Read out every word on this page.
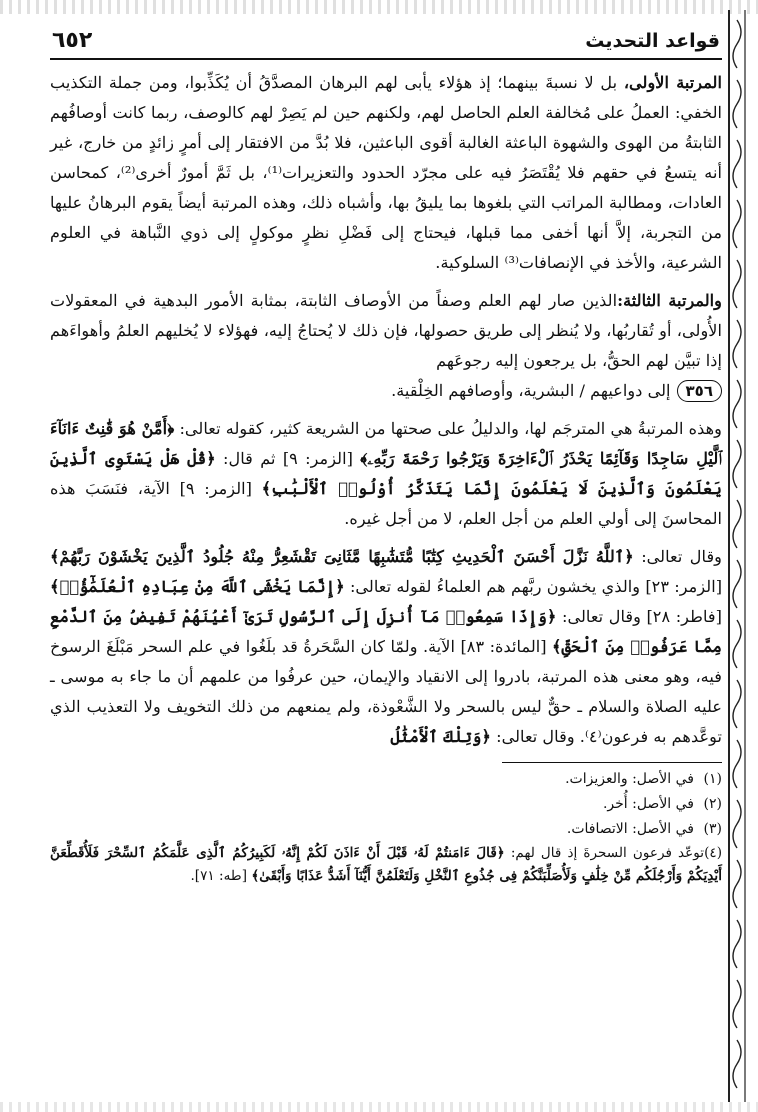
قواعد التحديث
٦٥٢

المرتبة الأولى، بل لا نسبةَ بينهما؛ إذ هؤلاء يأبى لهم البرهان المصدَّقُ أن يُكَذِّبوا، ومن جملة التكذيب الخفي: العملُ على مُخالفة العلم الحاصل لهم، ولكنهم حين لم يَصِرْ لهم كالوصف، ربما كانت أوصافُهم الثابتةُ من الهوى والشهوة الباعثة الغالبة أقوى الباعثين، فلا بُدَّ من الافتقار إلى أمرٍ زائدٍ من خارج، غير أنه يتسعُ في حقهم فلا يُقْتَصَرُ فيه على مجرّد الحدود والتعزيرات⁽¹⁾، بل ثَمَّ أمورٌ أخرى⁽²⁾، كمحاسن العادات، ومطالبة المراتب التي بلغوها بما يليقُ بها، وأشباه ذلك، وهذه المرتبة أيضاً يقوم البرهانُ عليها من التجربة، إلاَّ أنها أخفى مما قبلها، فيحتاج إلى فَضْلِ نظرٍ موكولٍ إلى ذوي النَّباهة في العلوم الشرعية، والأخذ في الإنصافات⁽³⁾ السلوكية.

والمرتبة الثالثة:الذين صار لهم العلم وصفاً من الأوصاف الثابتة، بمثابة الأمور البدهية في المعقولات الأُولى، أو تُقاربُها، ولا يُنظر إلى طريق حصولها، فإن ذلك لا يُحتاجُ إليه، فهؤلاء لا يُخليهم العلمُ وأهواءَهم إذا تبيَّن لهم الحقُّ، بل يرجعون إليه رجوعَهم
٣٥٦إلى دواعيهم / البشرية، وأوصافهم الخِلْقية.

وهذه المرتبةُ هي المترجَم لها، والدليلُ على صحتها من الشريعة كثير، كقوله تعالى: ﴿أَمَّنْ هُوَ قَٰنِتٌ ءَانَآءَ ٱلَّيْلِ سَاجِدًا وَقَآئِمًا يَحْذَرُ ٱلْءَاخِرَةَ وَيَرْجُوا رَحْمَةَ رَبِّهِۦ﴾ [الزمر: ٩] ثم قال: ﴿قُلْ هَلْ يَسْتَوِى ٱلَّذِينَ يَعْلَمُونَ وَٱلَّذِينَ لَا يَعْلَمُونَ إِنَّمَا يَتَذَكَّرُ أُوْلُوا۟ ٱلْأَلْبَٰبِ﴾ [الزمر: ٩] الآية، فنَسَبَ هذه المحاسنَ إلى أولي العلم من أجل العلم، لا من أجل غيره.

وقال تعالى: ﴿ٱللَّهُ نَزَّلَ أَحْسَنَ ٱلْحَدِيثِ كِتَٰبًا مُّتَشَٰبِهًا مَّثَانِىَ تَقْشَعِرُّ مِنْهُ جُلُودُ ٱلَّذِينَ يَخْشَوْنَ رَبَّهُمْ﴾ [الزمر: ٢٣] والذي يخشون ربَّهم هم العلماءُ لقوله تعالى: ﴿إِنَّمَا يَخْشَى ٱللَّهَ مِنْ عِبَادِهِ ٱلْعُلَمَٰٓؤُا۟﴾ [فاطر: ٢٨] وقال تعالى: ﴿وَإِذَا سَمِعُوا۟ مَآ أُنزِلَ إِلَى ٱلرَّسُولِ تَرَىٰٓ أَعْيُنَهُمْ تَفِيضُ مِنَ ٱلدَّمْعِ مِمَّا عَرَفُوا۟ مِنَ ٱلْحَقِّ﴾ [المائدة: ٨٣] الآية. ولمّا كان السَّحَرةُ قد بلَغُوا في علم السحر مَبْلَغَ الرسوخ فيه، وهو معنى هذه المرتبة، بادروا إلى الانقياد والإيمان، حين عرفُوا من علمهم أن ما جاء به موسى ـ عليه الصلاة والسلام ـ حقٌّ ليس بالسحر ولا الشَّعْوذة، ولم يمنعهم من ذلك التخويف ولا التعذيب الذي توعَّدهم به فرعون⁽٤⁾. وقال تعالى: ﴿وَتِلْكَ ٱلْأَمْثَٰلُ

(١)في الأصل: والعزيزات.

(٢)في الأصل: أُخر.

(٣)في الأصل: الاتصافات.

(٤)توعّد فرعون السحرةَ إذ قال لهم: ﴿قَالَ ءَامَنتُمْ لَهُۥ قَبْلَ أَنْ ءَاذَنَ لَكُمْ إِنَّهُۥ لَكَبِيرُكُمُ ٱلَّذِى عَلَّمَكُمُ ٱلسِّحْرَ فَلَأُقَطِّعَنَّ أَيْدِيَكُمْ وَأَرْجُلَكُم مِّنْ خِلَٰفٍ وَلَأُصَلِّبَنَّكُمْ فِى جُذُوعِ ٱلنَّخْلِ وَلَتَعْلَمُنَّ أَيُّنَآ أَشَدُّ عَذَابًا وَأَبْقَىٰ﴾ [طه: ٧١].
